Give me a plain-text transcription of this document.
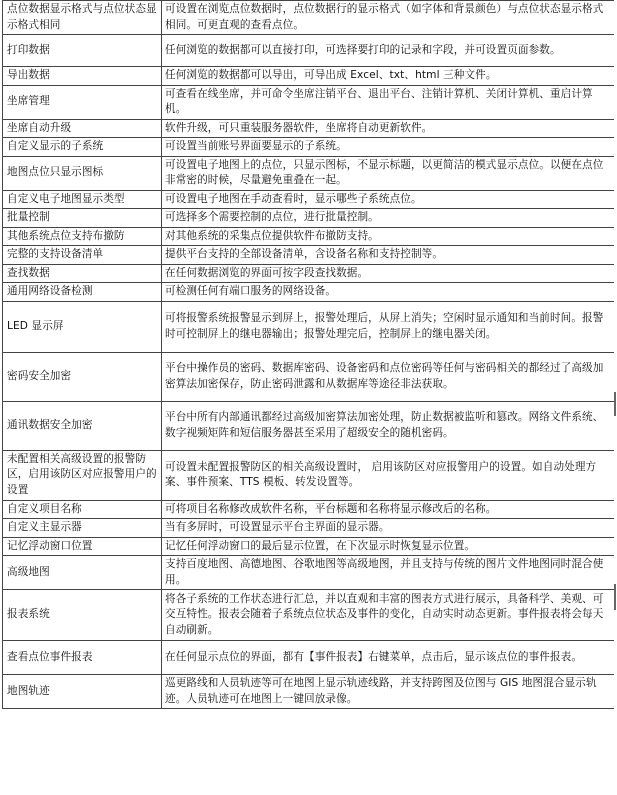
点位数据显示格式与点位状态显示格式相同	可设置在浏览点位数据时，点位数据行的显示格式（如字体和背景颜色）与点位状态显示格式相同。可更直观的查看点位。
打印数据	任何浏览的数据都可以直接打印，可选择要打印的记录和字段，并可设置页面参数。
导出数据	任何浏览的数据都可以导出，可导出成 Excel、txt、html 三种文件。
坐席管理	可查看在线坐席，并可命令坐席注销平台、退出平台、注销计算机、关闭计算机、重启计算机。
坐席自动升级	软件升级，可只重装服务器软件，坐席将自动更新软件。
自定义显示的子系统	可设置当前账号界面要显示的子系统。
地图点位只显示图标	可设置电子地图上的点位，只显示图标，不显示标题，以更简洁的模式显示点位。以便在点位非常密的时候，尽量避免重叠在一起。
自定义电子地图显示类型	可设置电子地图在手动查看时，显示哪些子系统点位。
批量控制	可选择多个需要控制的点位，进行批量控制。
其他系统点位支持布撤防	对其他系统的采集点位提供软件布撤防支持。
完整的支持设备清单	提供平台支持的全部设备清单，含设备名称和支持控制等。
查找数据	在任何数据浏览的界面可按字段查找数据。
通用网络设备检测	可检测任何有端口服务的网络设备。
LED 显示屏	可将报警系统报警显示到屏上，报警处理后，从屏上消失；空闲时显示通知和当前时间。报警时可控制屏上的继电器输出；报警处理完后，控制屏上的继电器关闭。
密码安全加密	平台中操作员的密码、数据库密码、设备密码和点位密码等任何与密码相关的都经过了高级加密算法加密保存，防止密码泄露和从数据库等途径非法获取。
通讯数据安全加密	平台中所有内部通讯都经过高级加密算法加密处理，防止数据被监听和篡改。网络文件系统、数字视频矩阵和短信服务器甚至采用了超级安全的随机密码。
未配置相关高级设置的报警防区，启用该防区对应报警用户的设置	可设置未配置报警防区的相关高级设置时， 启用该防区对应报警用户的设置。如自动处理方案、事件预案、TTS 模板、转发设置等。
自定义项目名称	可将项目名称修改成软件名称，平台标题和名称将显示修改后的名称。
自定义主显示器	当有多屏时，可设置显示平台主界面的显示器。
记忆浮动窗口位置	记忆任何浮动窗口的最后显示位置，在下次显示时恢复显示位置。
高级地图	支持百度地图、高德地图、谷歌地图等高级地图，并且支持与传统的图片文件地图同时混合使用。
报表系统	将各子系统的工作状态进行汇总，并以直观和丰富的图表方式进行展示，具备科学、美观、可交互特性。报表会随着子系统点位状态及事件的变化，自动实时动态更新。事件报表将会每天自动刷新。
查看点位事件报表	在任何显示点位的界面，都有【事件报表】右键菜单，点击后，显示该点位的事件报表。
地图轨迹	巡更路线和人员轨迹等可在地图上显示轨迹线路，并支持跨图及位图与 GIS 地图混合显示轨迹。人员轨迹可在地图上一键回放录像。
